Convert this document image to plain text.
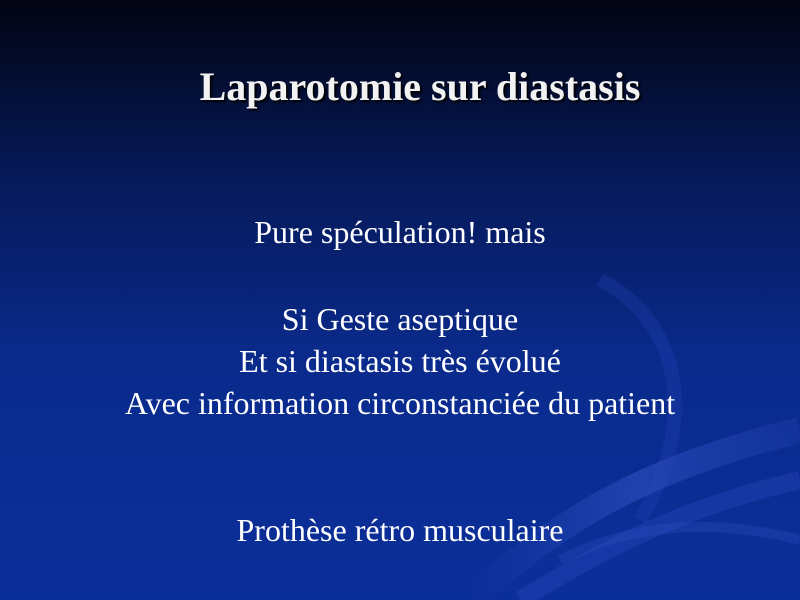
Laparotomie sur diastasis
Pure spéculation! mais
Si Geste aseptique
Et si diastasis très évolué
Avec information circonstanciée du patient
Prothèse rétro musculaire
